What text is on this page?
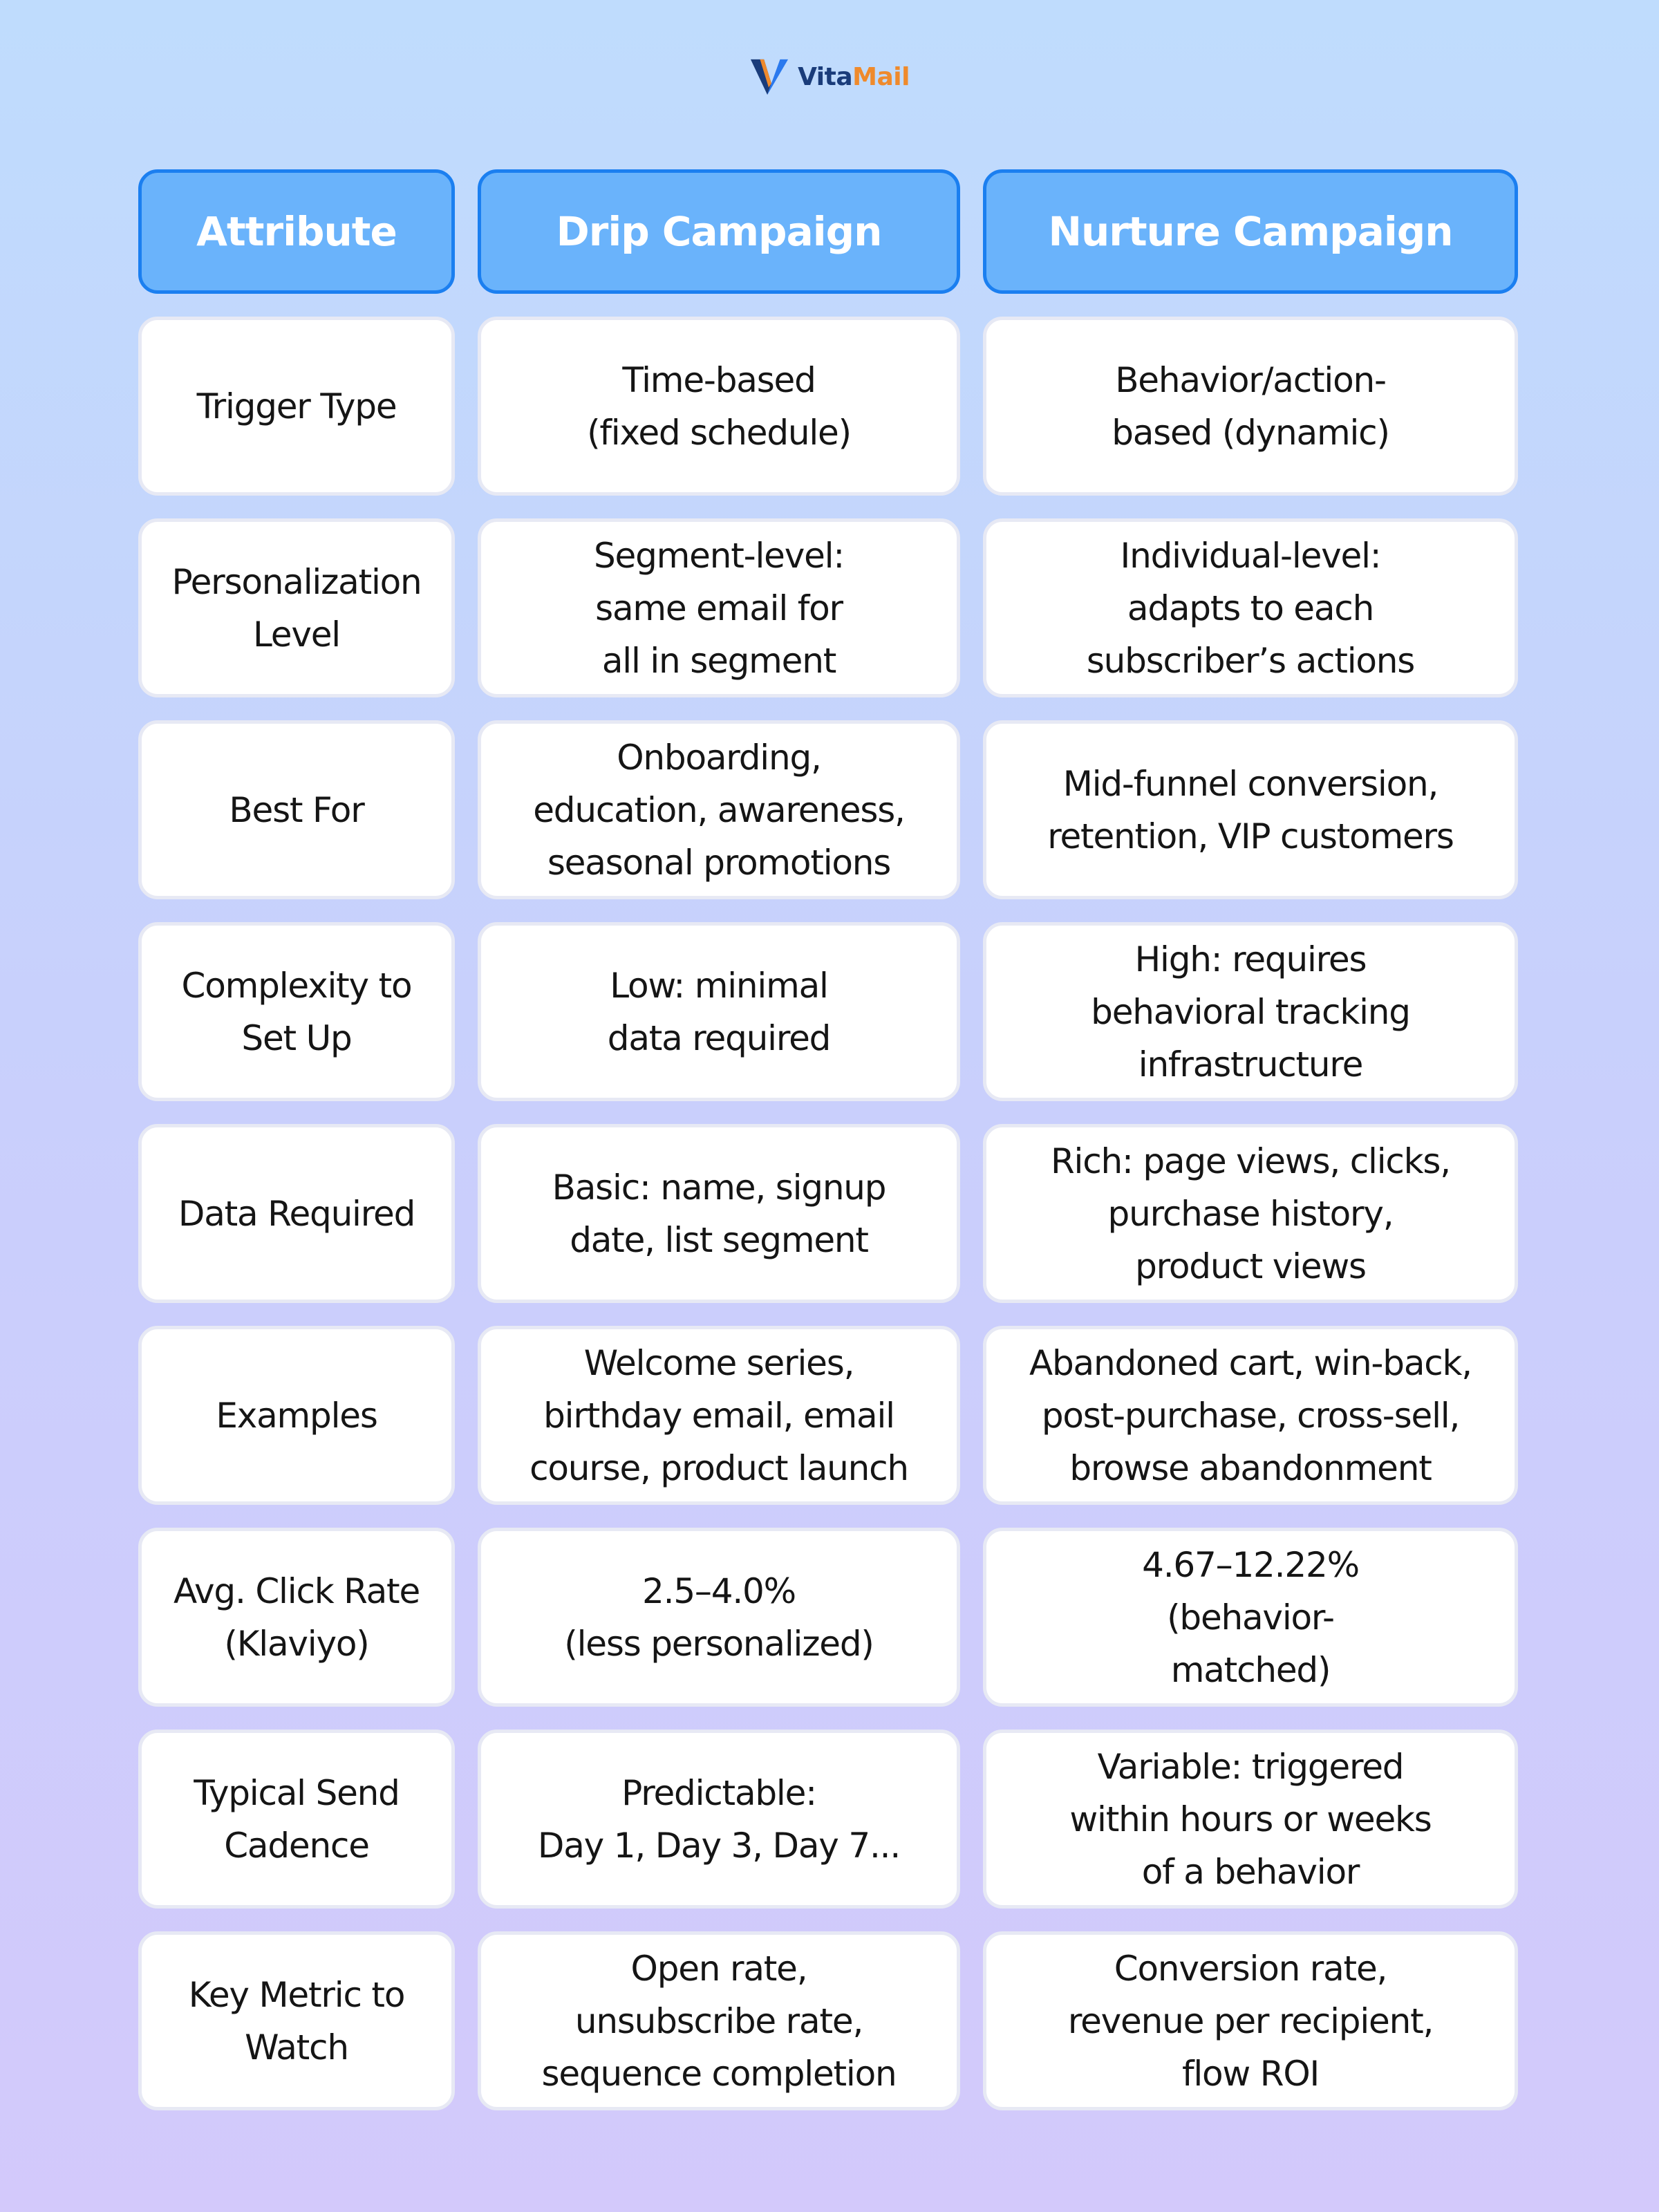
VitaMail
Attribute	Drip Campaign	Nurture Campaign
Trigger Type
Time-based
(fixed schedule)
Behavior/action-
based (dynamic)
Personalization
Level
Segment-level:
same email for
all in segment
Individual-level:
adapts to each
subscriber’s actions
Best For
Onboarding,
education, awareness,
seasonal promotions
Mid-funnel conversion,
retention, VIP customers
Complexity to
Set Up
Low: minimal
data required
High: requires
behavioral tracking
infrastructure
Data Required
Basic: name, signup
date, list segment
Rich: page views, clicks,
purchase history,
product views
Examples
Welcome series,
birthday email, email
course, product launch
Abandoned cart, win-back,
post-purchase, cross-sell,
browse abandonment
Avg. Click Rate
(Klaviyo)
2.5–4.0%
(less personalized)
4.67–12.22%
(behavior-
matched)
Typical Send
Cadence
Predictable:
Day 1, Day 3, Day 7...
Variable: triggered
within hours or weeks
of a behavior
Key Metric to
Watch
Open rate,
unsubscribe rate,
sequence completion
Conversion rate,
revenue per recipient,
flow ROI
